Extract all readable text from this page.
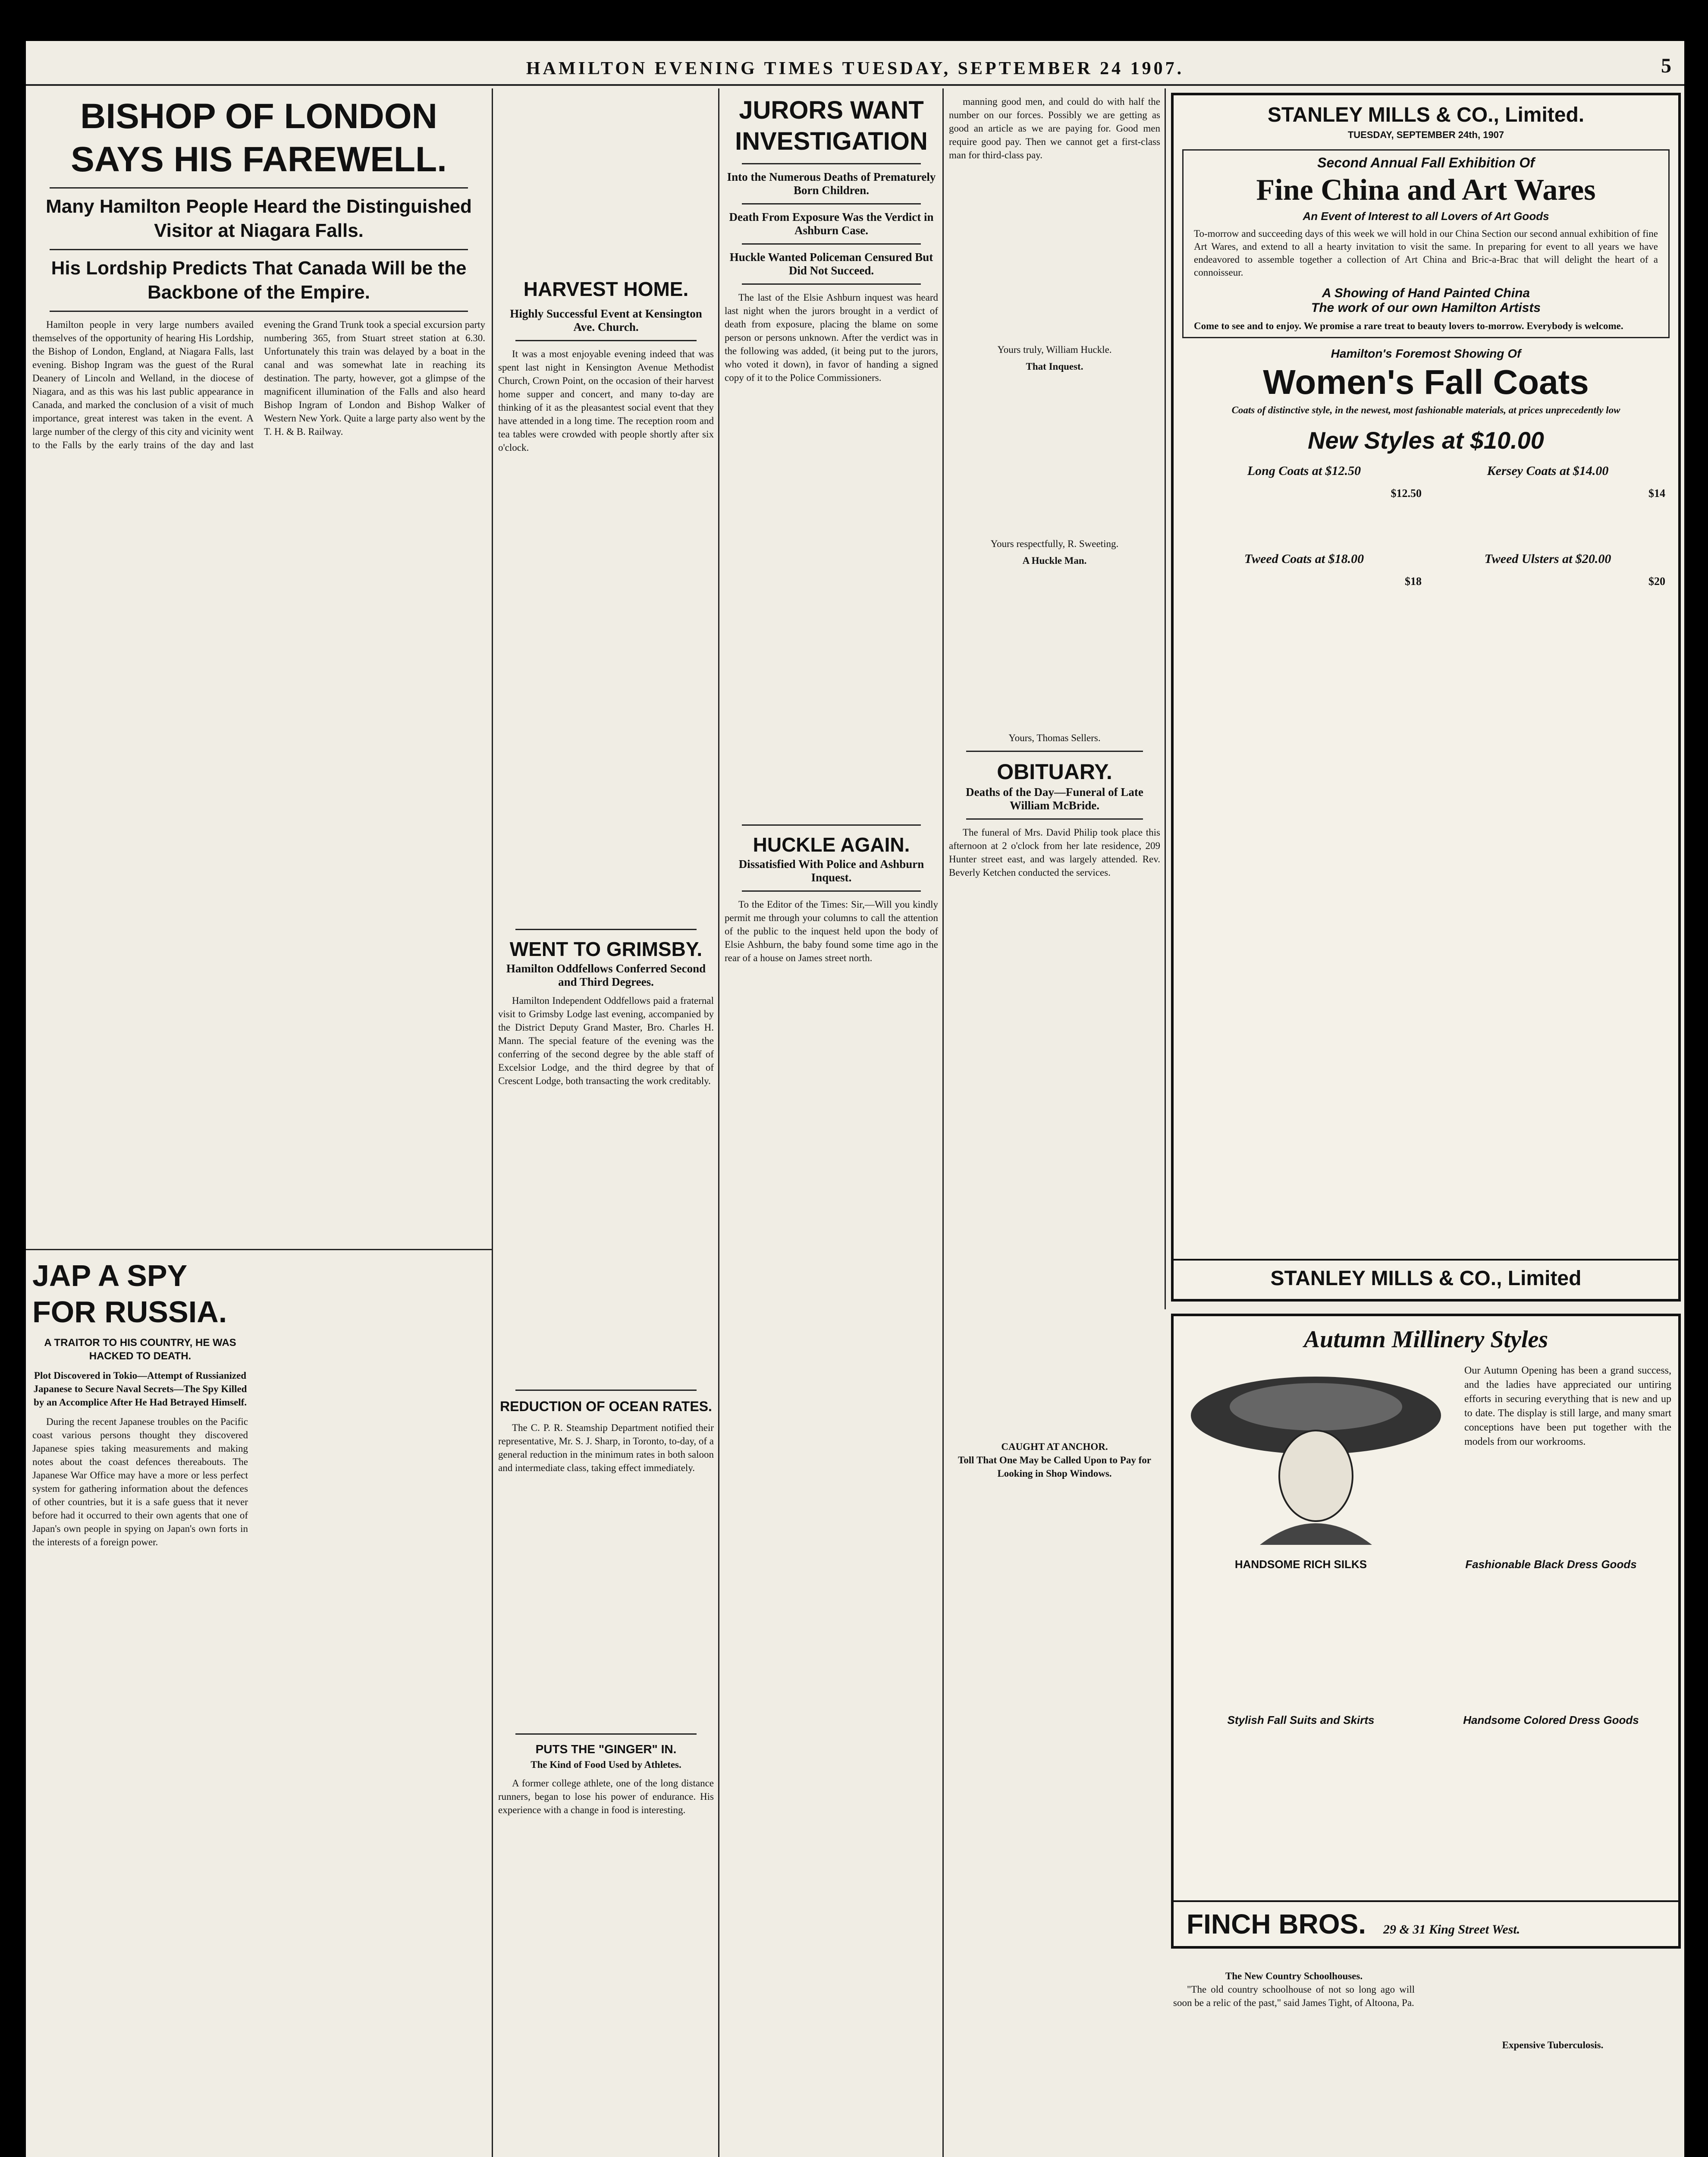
HAMILTON EVENING TIMES TUESDAY, SEPTEMBER 24 1907.	5
BISHOP OF LONDON SAYS HIS FAREWELL.
Many Hamilton People Heard the Distinguished Visitor at Niagara Falls.
His Lordship Predicts That Canada Will be the Backbone of the Empire.

Hamilton people in very large numbers availed themselves of the opportunity of hearing His Lordship, the Bishop of London, England, at Niagara Falls, last evening. Bishop Ingram was the guest of the Rural Deanery of Lincoln and Welland, in the diocese of Niagara, and as this was his last public appearance in Canada, and marked the conclusion of a visit of much importance, great interest was taken in the event. A large number of the clergy of this city and vicinity went to the Falls by the early trains of the day and last evening the Grand Trunk took a special excursion party numbering 365, from Stuart street station at 6.30. Unfortunately this train was delayed by a boat in the canal and was somewhat late in reaching its destination. The party, however, got a glimpse of the magnificent illumination of the Falls and also heard Bishop Ingram of London and Bishop Walker of Western New York. Quite a large party also went by the T. H. & B. Railway.

JAP A SPY FOR RUSSIA.
A TRAITOR TO HIS COUNTRY, HE WAS HACKED TO DEATH.

Plot Discovered in Tokio—Attempt of Russianized Japanese to Secure Naval Secrets—The Spy Killed by an Accomplice After He Had Betrayed Himself.

During the recent Japanese troubles on the Pacific coast various persons thought they discovered Japanese spies taking measurements and making notes about the coast defences thereabouts. The Japanese War Office may have a more or less perfect system for gathering information about the defences of other countries, but it is a safe guess that it never before had it occurred to their own agents that one of Japan's own people in spying on Japan's own forts in the interests of a foreign power.

HARVEST HOME.

Highly Successful Event at Kensington Ave. Church.

It was a most enjoyable evening indeed that was spent last night in Kensington Avenue Methodist Church, Crown Point, on the occasion of their harvest home supper and concert, and many to-day are thinking of it as the pleasantest social event that they have attended in a long time. The reception room and tea tables were crowded with people shortly after six o'clock.

WENT TO GRIMSBY.

Hamilton Oddfellows Conferred Second and Third Degrees.

Hamilton Independent Oddfellows paid a fraternal visit to Grimsby Lodge last evening, accompanied by the District Deputy Grand Master, Bro. Charles H. Mann. The special feature of the evening was the conferring of the second degree by the able staff of Excelsior Lodge, and the third degree by that of Crescent Lodge, both transacting the work creditably.

REDUCTION OF OCEAN RATES.

The C. P. R. Steamship Department notified their representative, Mr. S. J. Sharp, in Toronto, to-day, of a general reduction in the minimum rates in both saloon and intermediate class, taking effect immediately.

PUTS THE "GINGER" IN.

The Kind of Food Used by Athletes.

A former college athlete, one of the long distance runners, began to lose his power of endurance. His experience with a change in food is interesting.

JURORS WANT INVESTIGATION

Into the Numerous Deaths of Prematurely Born Children.

Death From Exposure Was the Verdict in Ashburn Case.

Huckle Wanted Policeman Censured But Did Not Succeed.

The last of the Elsie Ashburn inquest was heard last night when the jurors brought in a verdict of death from exposure, placing the blame on some person or persons unknown. After the verdict was in the following was added, (it being put to the jurors, who voted it down), in favor of handing a signed copy of it to the Police Commissioners.

HUCKLE AGAIN.

Dissatisfied With Police and Ashburn Inquest.

To the Editor of the Times: Sir,—Will you kindly permit me through your columns to call the attention of the public to the inquest held upon the body of Elsie Ashburn, the baby found some time ago in the rear of a house on James street north.

manning good men, and could do with half the number on our forces. Possibly we are getting as good an article as we are paying for. Good men require good pay. Then we cannot get a first-class man for third-class pay.

Yours truly, William Huckle.

That Inquest.

Yours respectfully, R. Sweeting.

A Huckle Man.

Yours, Thomas Sellers.

OBITUARY.

Deaths of the Day—Funeral of Late William McBride.

The funeral of Mrs. David Philip took place this afternoon at 2 o'clock from her late residence, 209 Hunter street east, and was largely attended. Rev. Beverly Ketchen conducted the services.

CAUGHT AT ANCHOR.

Toll That One May be Called Upon to Pay for Looking in Shop Windows.

STANLEY MILLS & CO., Limited.
TUESDAY, SEPTEMBER 24th, 1907
Second Annual Fall Exhibition Of
Fine China and Art Wares
An Event of Interest to all Lovers of Art Goods
To-morrow and succeeding days of this week we will hold in our China Section our second annual exhibition of fine Art Wares, and extend to all a hearty invitation to visit the same. In preparing for event to all years we have endeavored to assemble together a collection of Art China and Bric-a-Brac that will delight the heart of a connoisseur.
A Showing of Hand Painted China
The work of our own Hamilton Artists
Come to see and to enjoy. We promise a rare treat to beauty lovers to-morrow. Everybody is welcome.
Hamilton's Foremost Showing Of
Women's Fall Coats
Coats of distinctive style, in the newest, most fashionable materials, at prices unprecedently low
New Styles at $10.00
Long Coats at $12.50	Kersey Coats at $14.00
$12.50	$14
Tweed Coats at $18.00	Tweed Ulsters at $20.00
$18	$20
STANLEY MILLS & CO., Limited
Autumn Millinery Styles
Our Autumn Opening has been a grand success, and the ladies have appreciated our untiring efforts in securing everything that is new and up to date. The display is still large, and many smart conceptions have been put together with the models from our workrooms.
HANDSOME RICH SILKS	Fashionable Black Dress Goods
Stylish Fall Suits and Skirts	Handsome Colored Dress Goods
FINCH BROS. 29 & 31 King Street West.

The New Country Schoolhouses.

"The old country schoolhouse of not so long ago will soon be a relic of the past," said James Tight, of Altoona, Pa.

Expensive Tuberculosis.
